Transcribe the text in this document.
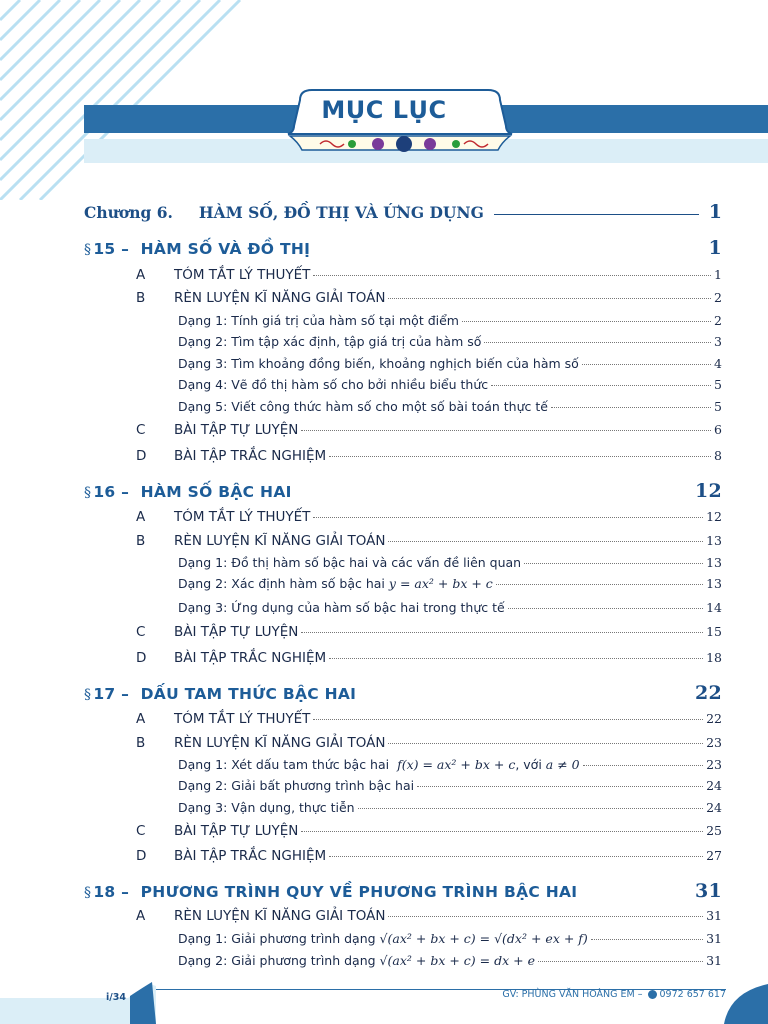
MỤC LỤC
Chương 6. HÀM SỐ, ĐỒ THỊ VÀ ỨNG DỤNG	1
§ 15 –
HÀM SỐ VÀ ĐỒ THỊ	1
A	TÓM TẮT LÝ THUYẾT	1
B	RÈN LUYỆN KĨ NĂNG GIẢI TOÁN	2
Dạng 1: Tính giá trị của hàm số tại một điểm	2
Dạng 2: Tìm tập xác định, tập giá trị của hàm số	3
Dạng 3: Tìm khoảng đồng biến, khoảng nghịch biến của hàm số	4
Dạng 4: Vẽ đồ thị hàm số cho bởi nhiều biểu thức	5
Dạng 5: Viết công thức hàm số cho một số bài toán thực tế	5
C	BÀI TẬP TỰ LUYỆN	6
D	BÀI TẬP TRẮC NGHIỆM	8
§ 16 –
HÀM SỐ BẬC HAI	12
A	TÓM TẮT LÝ THUYẾT	12
B	RÈN LUYỆN KĨ NĂNG GIẢI TOÁN	13
Dạng 1: Đồ thị hàm số bậc hai và các vấn đề liên quan	13
Dạng 2: Xác định hàm số bậc hai
y = ax² + bx + c	13
Dạng 3: Ứng dụng của hàm số bậc hai trong thực tế	14
C	BÀI TẬP TỰ LUYỆN	15
D	BÀI TẬP TRẮC NGHIỆM	18
§ 17 –
DẤU TAM THỨC BẬC HAI	22
A	TÓM TẮT LÝ THUYẾT	22
B	RÈN LUYỆN KĨ NĂNG GIẢI TOÁN	23
Dạng 1: Xét dấu tam thức bậc hai
f(x) = ax² + bx + c , với
a ≠ 0	23
Dạng 2: Giải bất phương trình bậc hai	24
Dạng 3: Vận dụng, thực tiễn	24
C	BÀI TẬP TỰ LUYỆN	25
D	BÀI TẬP TRẮC NGHIỆM	27
§ 18 –
PHƯƠNG TRÌNH QUY VỀ PHƯƠNG TRÌNH BẬC HAI	31
A	RÈN LUYỆN KĨ NĂNG GIẢI TOÁN	31
Dạng 1: Giải phương trình dạng
√(ax² + bx + c) = √(dx² + ex + f)	31
Dạng 2: Giải phương trình dạng
√(ax² + bx + c) = dx + e	31
i/34	GV: PHÙNG VĂN HOÀNG EM – 0972 657 617
